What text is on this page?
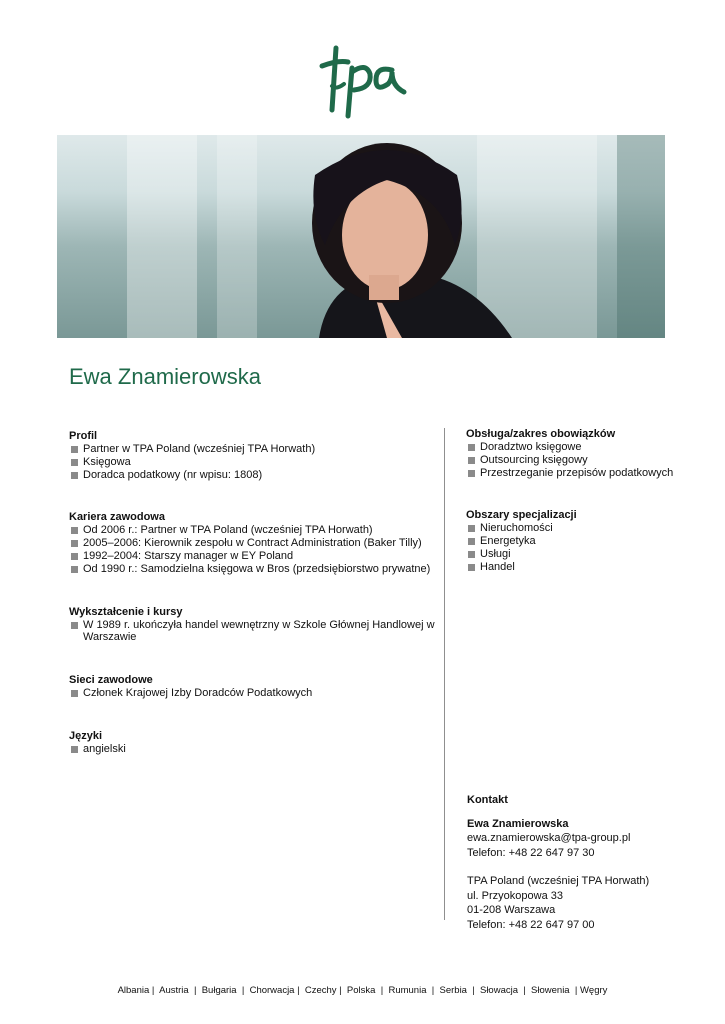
Ewa Znamierowska
Profil
Partner w TPA Poland (wcześniej TPA Horwath)
Księgowa
Doradca podatkowy (nr wpisu: 1808)
Kariera zawodowa
Od 2006 r.: Partner w TPA Poland (wcześniej TPA Horwath)
2005–2006: Kierownik zespołu w Contract Administration (Baker Tilly)
1992–2004: Starszy manager w EY Poland
Od 1990 r.: Samodzielna księgowa w Bros (przedsiębiorstwo prywatne)
Wykształcenie i kursy
W 1989 r. ukończyła handel wewnętrzny w Szkole Głównej Handlowej w Warszawie
Sieci zawodowe
Członek Krajowej Izby Doradców Podatkowych
Języki
angielski
Obsługa/zakres obowiązków
Doradztwo księgowe
Outsourcing księgowy
Przestrzeganie przepisów podatkowych
Obszary specjalizacji
Nieruchomości
Energetyka
Usługi
Handel

Kontakt

Ewa Znamierowska

ewa.znamierowska@tpa-group.pl

Telefon: +48 22 647 97 30

TPA Poland (wcześniej TPA Horwath)

ul. Przyokopowa 33

01-208 Warszawa

Telefon: +48 22 647 97 00

Albania |  Austria  |  Bułgaria  |  Chorwacja |  Czechy |  Polska  |  Rumunia  |  Serbia  |  Słowacja  |  Słowenia  | Węgry
